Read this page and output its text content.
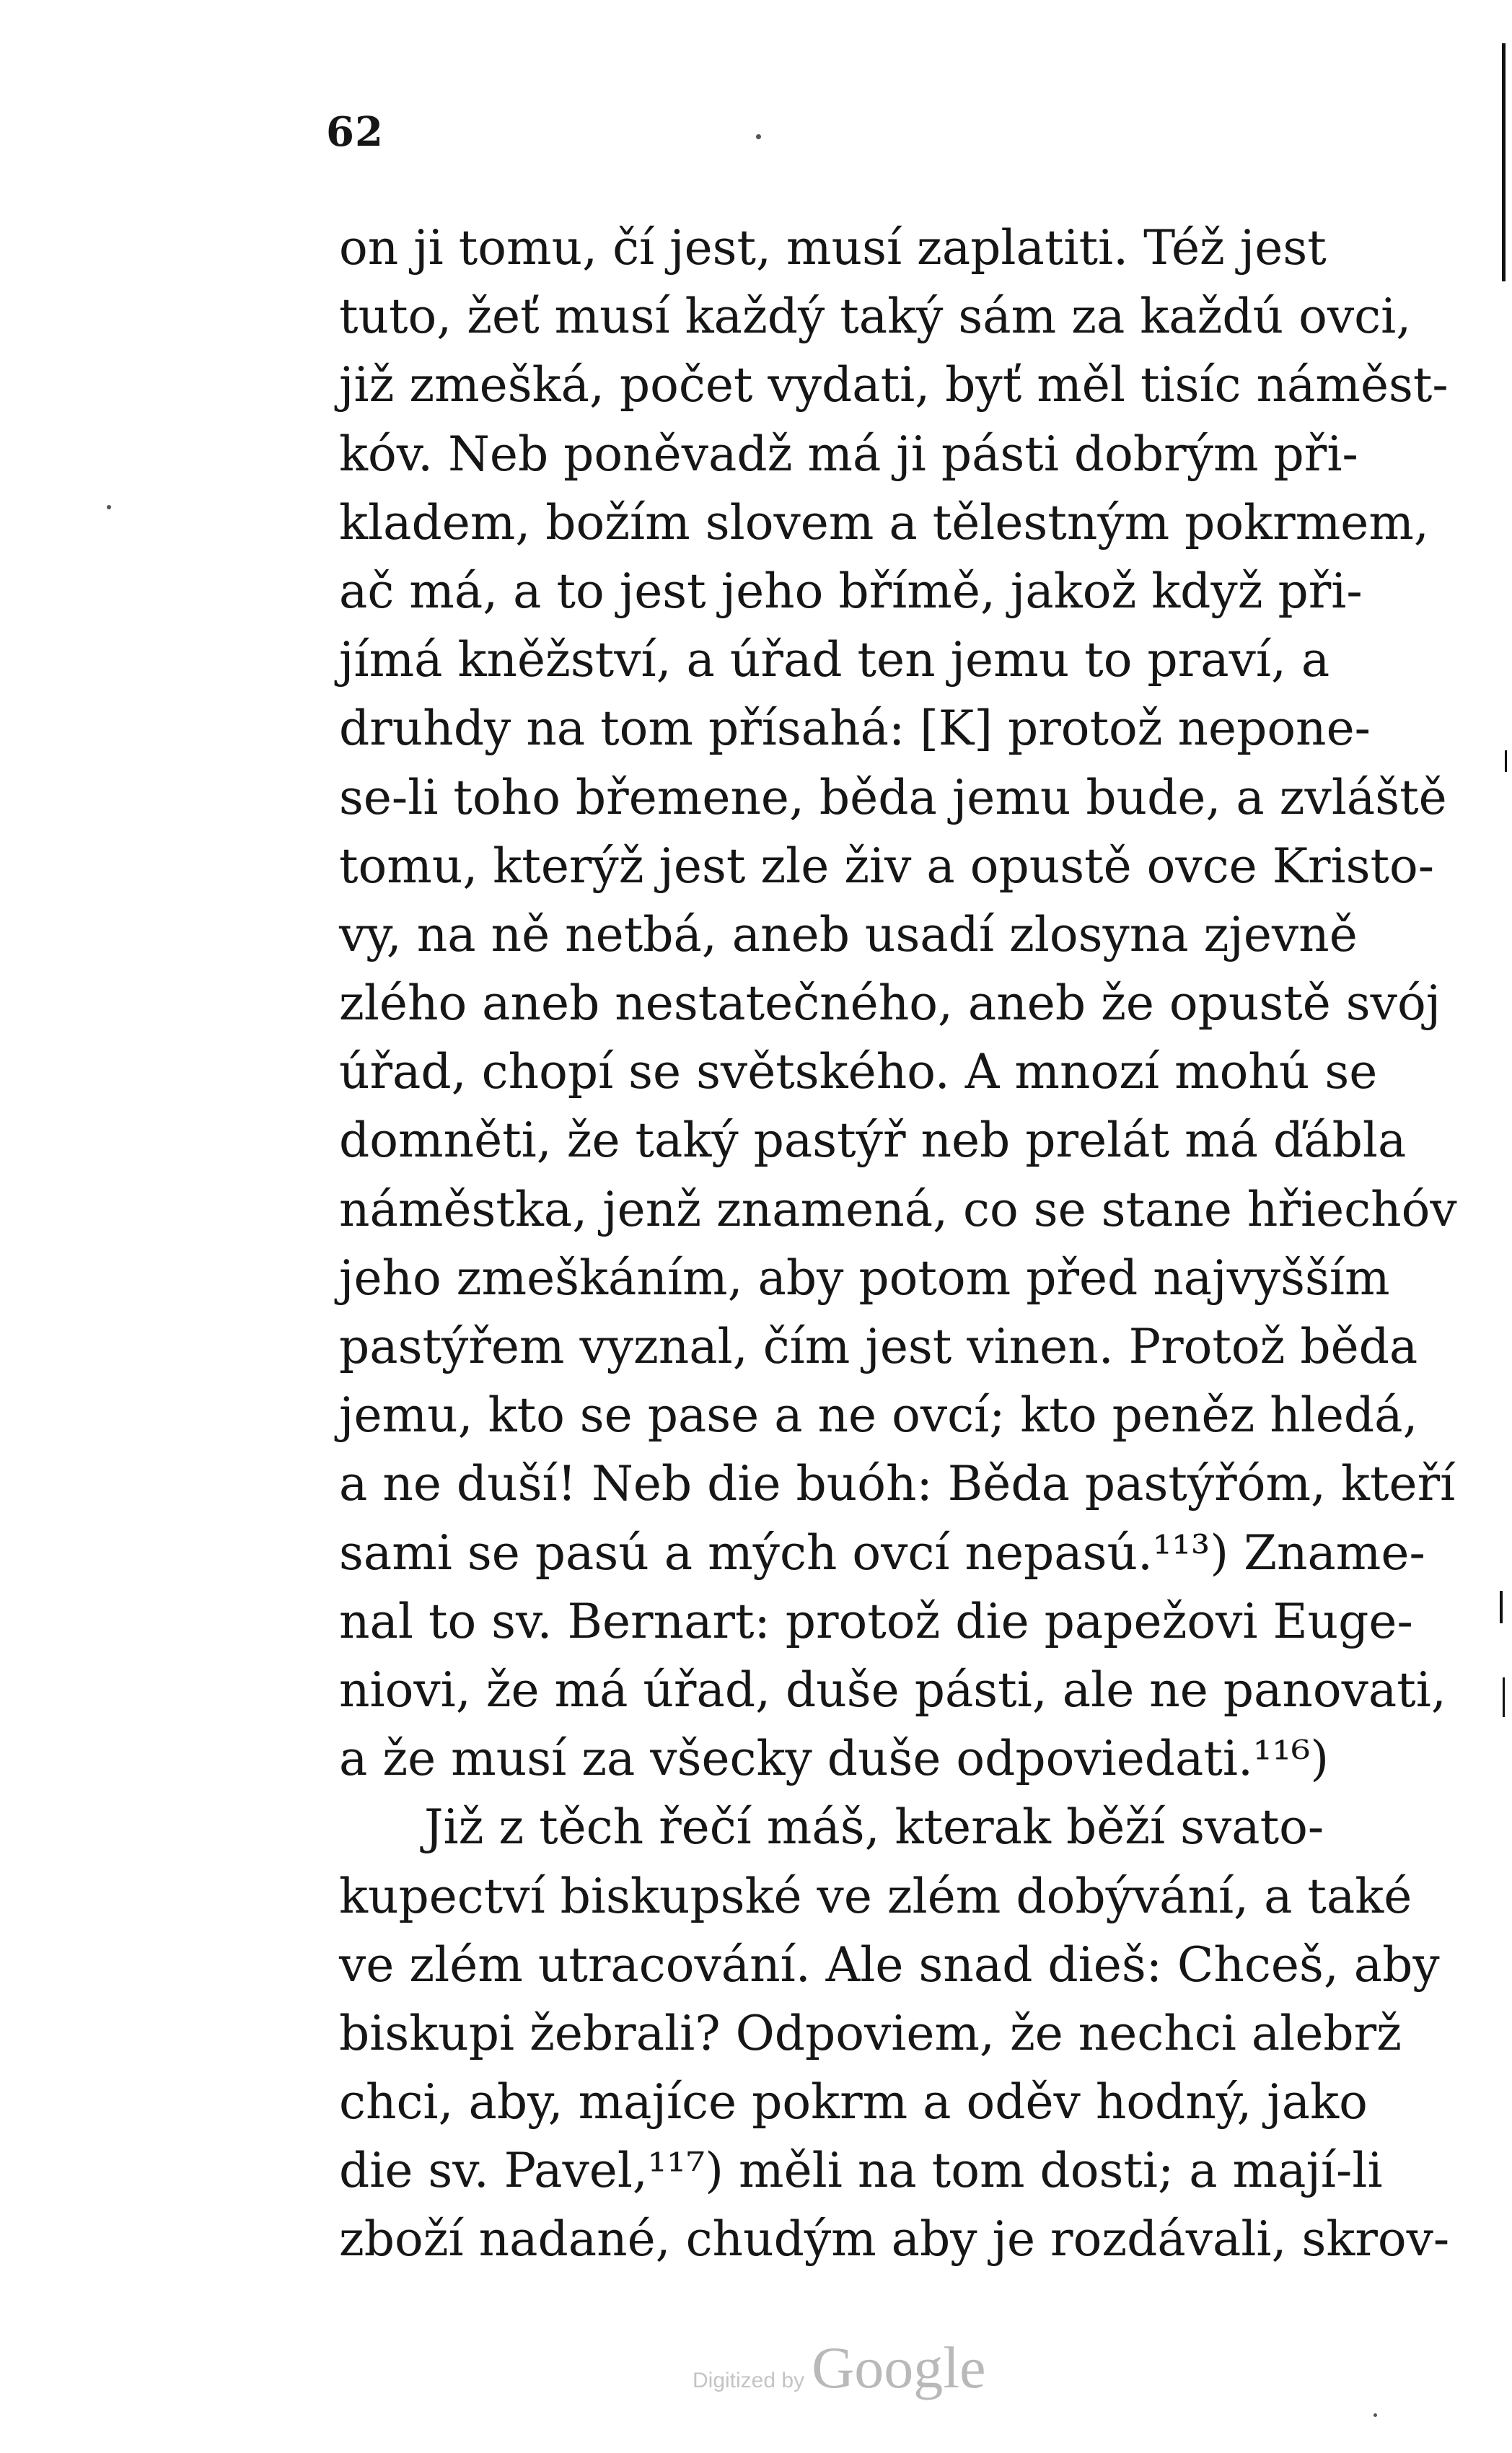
62
on ji tomu, čí jest, musí zaplatiti. Též jest
tuto, žeť musí každý taký sám za každú ovci,
již zmešká, počet vydati, byť měl tisíc náměst-
kóv. Neb poněvadž má ji pásti dobrým při-
kladem, božím slovem a tělestným pokrmem,
ač má, a to jest jeho břímě, jakož když při-
jímá kněžství, a úřad ten jemu to praví, a
druhdy na tom přísahá: [K] protož nepone-
se-li toho břemene, běda jemu bude, a zvláště
tomu, kterýž jest zle živ a opustě ovce Kristo-
vy, na ně netbá, aneb usadí zlosyna zjevně
zlého aneb nestatečného, aneb že opustě svój
úřad, chopí se světského. A mnozí mohú se
domněti, že taký pastýř neb prelát má ďábla
náměstka, jenž znamená, co se stane hřiechóv
jeho zmeškáním, aby potom před najvyšším
pastýřem vyznal, čím jest vinen. Protož běda
jemu, kto se pase a ne ovcí; kto peněz hledá,
a ne duší! Neb die buóh: Běda pastýřóm, kteří
sami se pasú a mých ovcí nepasú.¹¹³) Zname-
nal to sv. Bernart: protož die papežovi Euge-
niovi, že má úřad, duše pásti, ale ne panovati,
a že musí za všecky duše odpoviedati.¹¹⁶)
Již z těch řečí máš, kterak běží svato-
kupectví biskupské ve zlém dobývání, a také
ve zlém utracování. Ale snad dieš: Chceš, aby
biskupi žebrali? Odpoviem, že nechci alebrž
chci, aby, majíce pokrm a oděv hodný, jako
die sv. Pavel,¹¹⁷) měli na tom dosti; a mají-li
zboží nadané, chudým aby je rozdávali, skrov-
Digitized by Google
